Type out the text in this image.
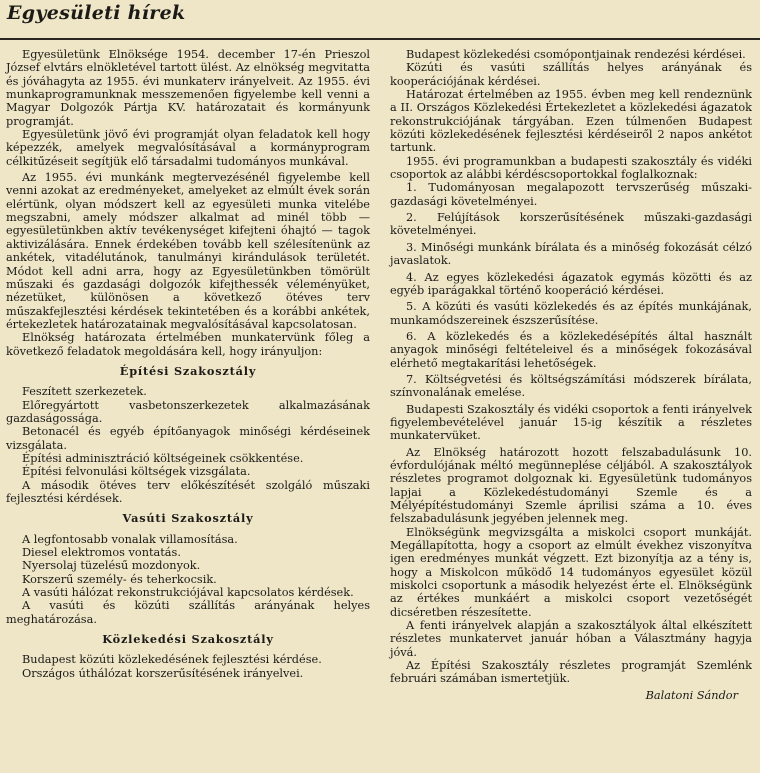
Egyesületi hírek

Egyesületünk Elnöksége 1954. december 17-én Prieszol József elvtárs elnökletével tartott ülést. Az elnökség megvitatta és jóváhagyta az 1955. évi munkaterv irányelveit. Az 1955. évi munkaprogramunknak messzemenően figyelembe kell venni a Magyar Dolgozók Pártja KV. határozatait és kormányunk programját.

Egyesületünk jövő évi programját olyan feladatok kell hogy képezzék, amelyek megvalósításával a kormányprogram célkitűzéseit segítjük elő társadalmi tudományos munkával.

Az 1955. évi munkánk megtervezésénél figyelembe kell venni azokat az eredményeket, amelyeket az elmúlt évek során elértünk, olyan módszert kell az egyesületi munka vitelébe megszabni, amely módszer alkalmat ad minél több — egyesületünkben aktív tevékenységet kifejteni óhajtó — tagok aktivizálására. Ennek érdekében tovább kell szélesítenünk az ankétek, vitadélutánok, tanulmányi kirándulások területét. Módot kell adni arra, hogy az Egyesületünkben tömörült műszaki és gazdasági dolgozók kifejthessék véleményüket, nézetüket, különösen a következő ötéves terv műszakfejlesztési kérdések tekintetében és a korábbi ankétek, értekezletek határozatainak megvalósításával kapcsolatosan.

Elnökség határozata értelmében munkatervünk főleg a következő feladatok megoldására kell, hogy irányuljon:

Építési Szakosztály

Feszített szerkezetek.

Előregyártott vasbetonszerkezetek alkalmazásának gazdaságossága.

Betonacél és egyéb építőanyagok minőségi kérdéseinek vizsgálata.

Építési adminisztráció költségeinek csökkentése.

Építési felvonulási költségek vizsgálata.

A második ötéves terv előkészítését szolgáló műszaki fejlesztési kérdések.

Vasúti Szakosztály

A legfontosabb vonalak villamosítása.

Diesel elektromos vontatás.

Nyersolaj tüzelésű mozdonyok.

Korszerű személy- és teherkocsik.

A vasúti hálózat rekonstrukciójával kapcsolatos kérdések.

A vasúti és közúti szállítás arányának helyes meghatározása.

Közlekedési Szakosztály

Budapest közúti közlekedésének fejlesztési kérdése.

Országos úthálózat korszerűsítésének irányelvei.

Budapest közlekedési csomópontjainak rendezési kérdései.

Közúti és vasúti szállítás helyes arányának és kooperációjának kérdései.

Határozat értelmében az 1955. évben meg kell rendeznünk a II. Országos Közlekedési Értekezletet a közlekedési ágazatok rekonstrukciójának tárgyában. Ezen túlmenően Budapest közúti közlekedésének fejlesztési kérdéseiről 2 napos ankétot tartunk.

1955. évi programunkban a budapesti szakosztály és vidéki csoportok az alábbi kérdéscsoportokkal foglalkoznak:

1. Tudományosan megalapozott tervszerűség műszaki-gazdasági követelményei.

2. Felújítások korszerűsítésének műszaki-gazdasági követelményei.

3. Minőségi munkánk bírálata és a minőség fokozását célzó javaslatok.

4. Az egyes közlekedési ágazatok egymás közötti és az egyéb iparágakkal történő kooperáció kérdései.

5. A közúti és vasúti közlekedés és az építés munkájának, munkamódszereinek észszerűsítése.

6. A közlekedés és a közlekedésépítés által használt anyagok minőségi feltételeivel és a minőségek fokozásával elérhető megtakarítási lehetőségek.

7. Költségvetési és költségszámítási módszerek bírálata, színvonalának emelése.

Budapesti Szakosztály és vidéki csoportok a fenti irányelvek figyelembevételével január 15-ig készítik a részletes munkatervüket.

Az Elnökség határozott hozott felszabadulásunk 10. évfordulójának méltó megünneplése céljából. A szakosztályok részletes programot dolgoznak ki. Egyesületünk tudományos lapjai a Közlekedéstudományi Szemle és a Mélyépítéstudományi Szemle áprilisi száma a 10. éves felszabadulásunk jegyében jelennek meg.

Elnökségünk megvizsgálta a miskolci csoport munkáját. Megállapította, hogy a csoport az elmúlt évekhez viszonyítva igen eredményes munkát végzett. Ezt bizonyítja az a tény is, hogy a Miskolcon működő 14 tudományos egyesület közül miskolci csoportunk a második helyezést érte el. Elnökségünk az értékes munkáért a miskolci csoport vezetőségét dicséretben részesítette.

A fenti irányelvek alapján a szakosztályok által elkészített részletes munkatervet január hóban a Választmány hagyja jóvá.

Az Építési Szakosztály részletes programját Szemlénk februári számában ismertetjük.

Balatoni Sándor
